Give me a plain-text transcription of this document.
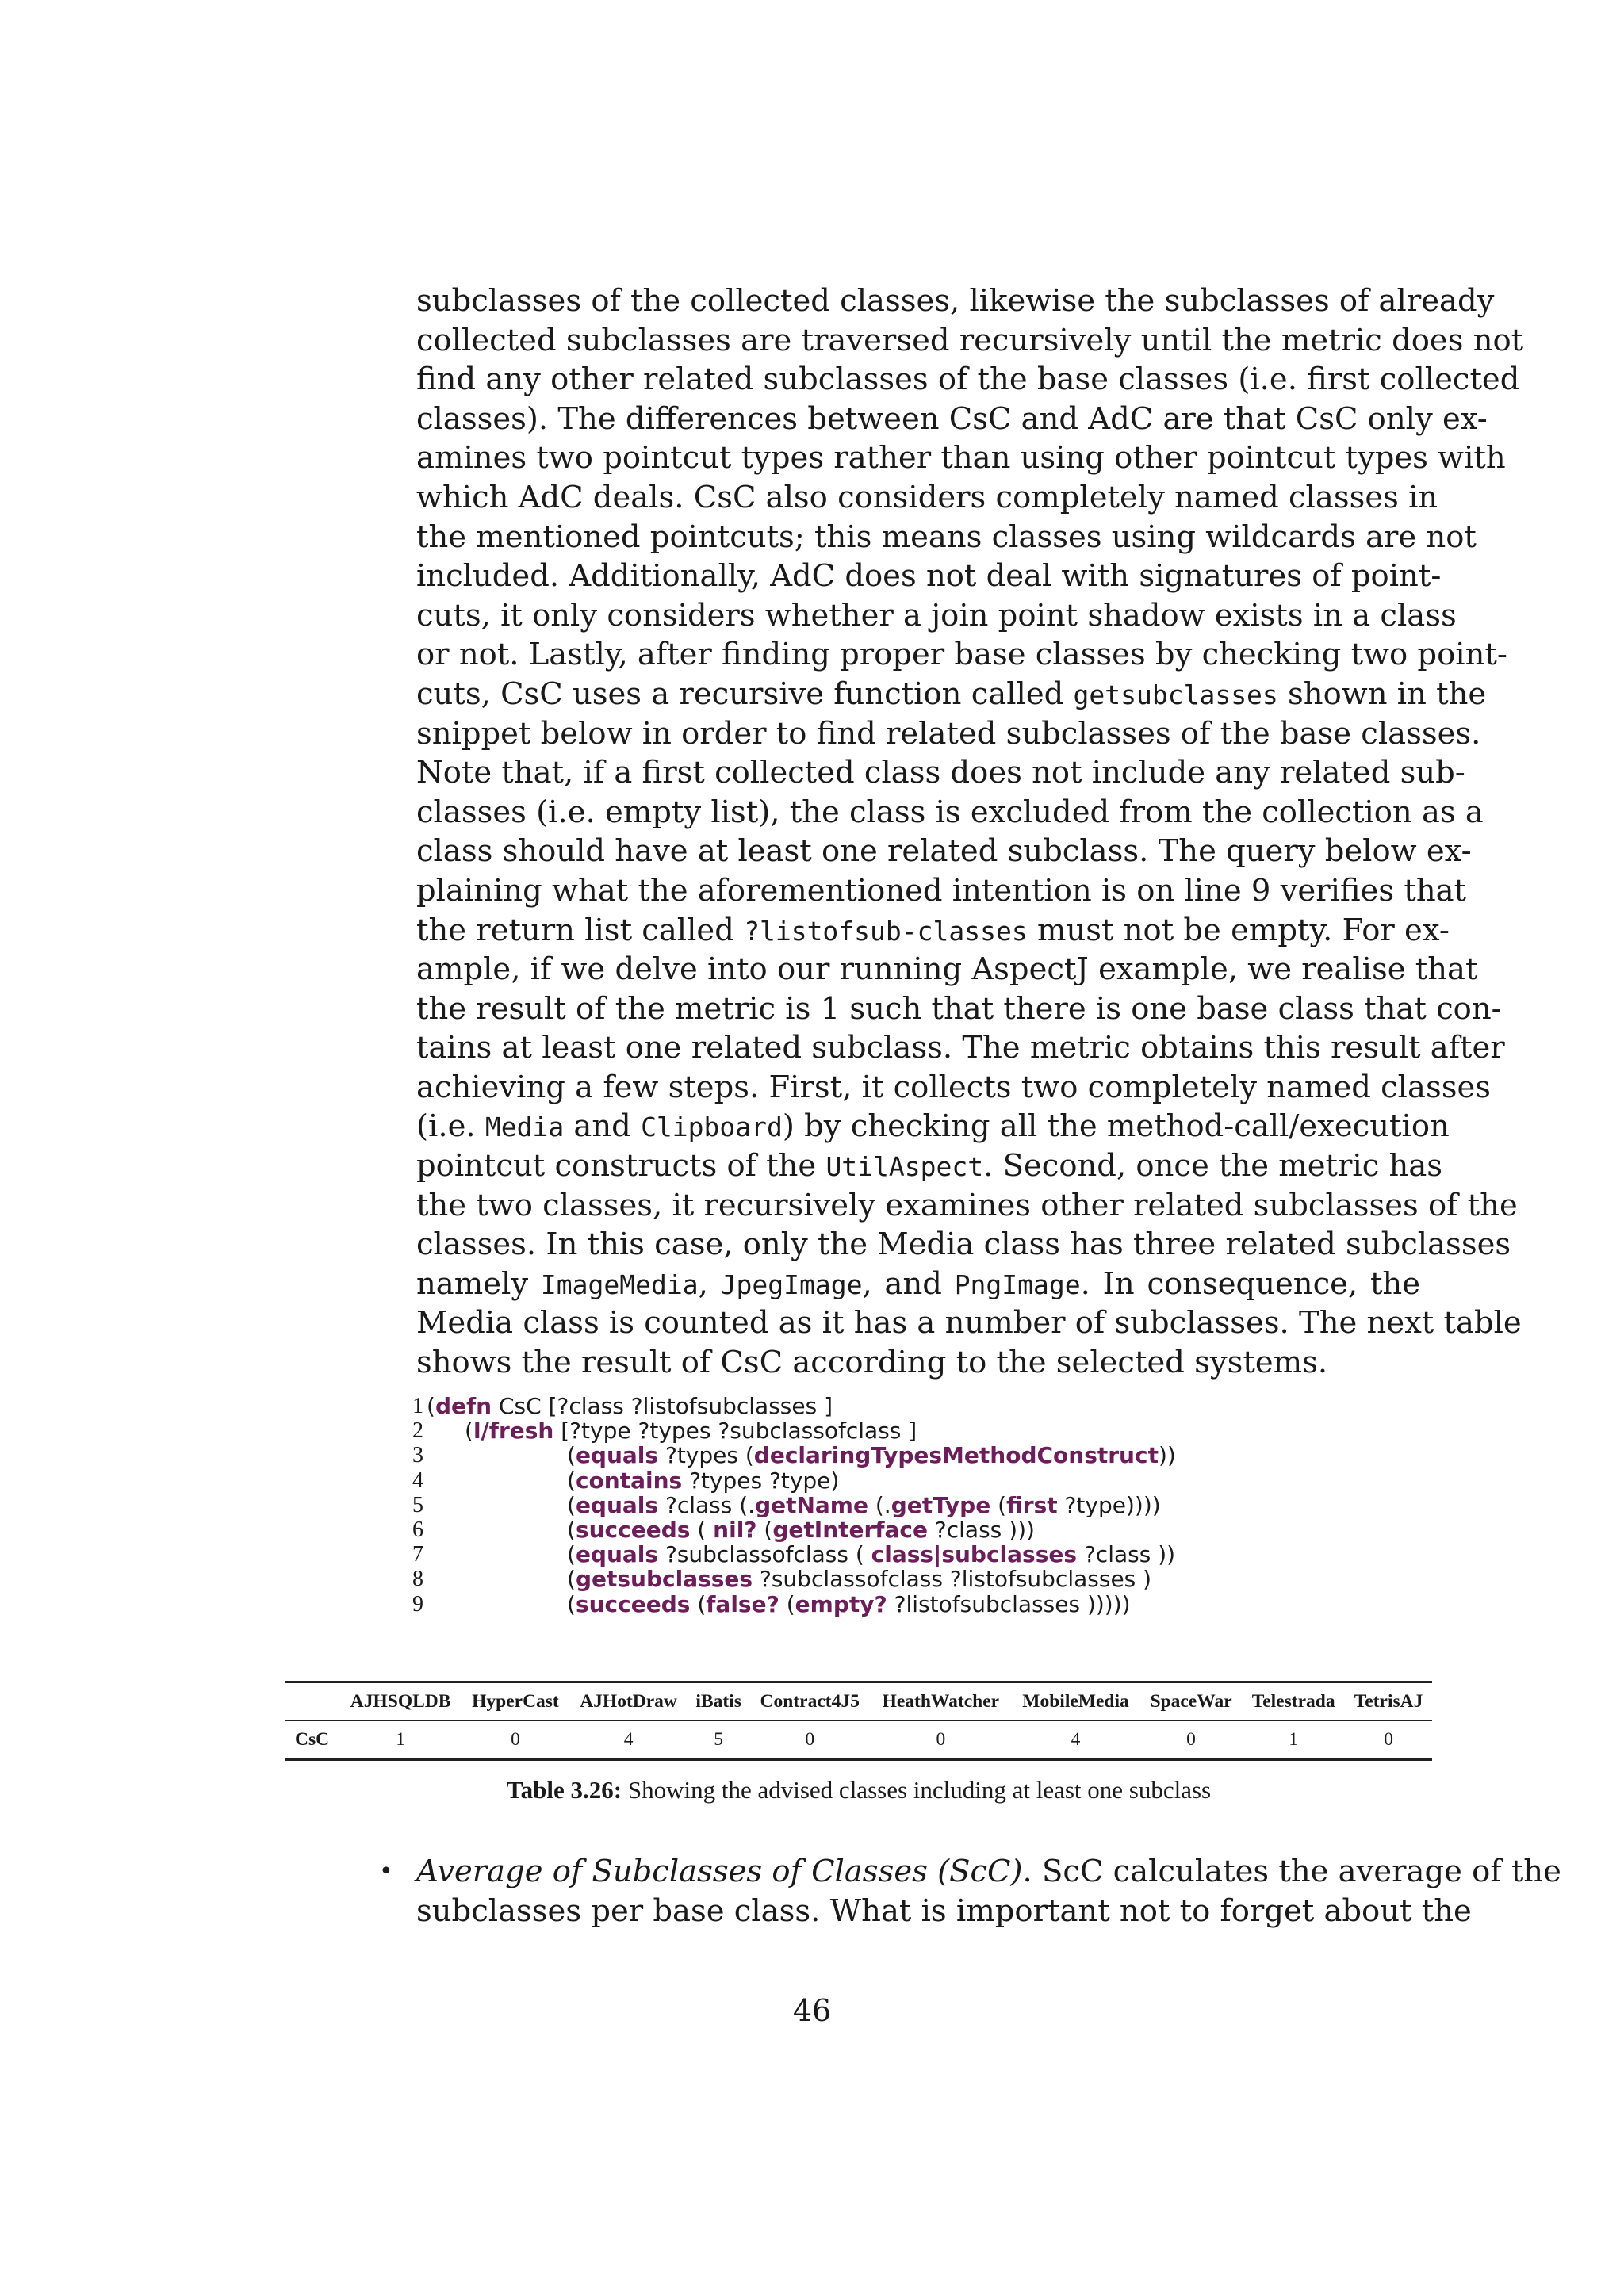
subclasses of the collected classes, likewise the subclasses of already
collected subclasses are traversed recursively until the metric does not
find any other related subclasses of the base classes (i.e. first collected
classes). The differences between CsC and AdC are that CsC only ex-
amines two pointcut types rather than using other pointcut types with
which AdC deals. CsC also considers completely named classes in
the mentioned pointcuts; this means classes using wildcards are not
included. Additionally, AdC does not deal with signatures of point-
cuts, it only considers whether a join point shadow exists in a class
or not. Lastly, after finding proper base classes by checking two point-
cuts, CsC uses a recursive function called getsubclasses shown in the
snippet below in order to find related subclasses of the base classes.
Note that, if a first collected class does not include any related sub-
classes (i.e. empty list), the class is excluded from the collection as a
class should have at least one related subclass. The query below ex-
plaining what the aforementioned intention is on line 9 verifies that
the return list called ?listofsub-classes must not be empty. For ex-
ample, if we delve into our running AspectJ example, we realise that
the result of the metric is 1 such that there is one base class that con-
tains at least one related subclass. The metric obtains this result after
achieving a few steps. First, it collects two completely named classes
(i.e. Media and Clipboard) by checking all the method-call/execution
pointcut constructs of the UtilAspect. Second, once the metric has
the two classes, it recursively examines other related subclasses of the
classes. In this case, only the Media class has three related subclasses
namely ImageMedia, JpegImage, and PngImage. In consequence, the
Media class is counted as it has a number of subclasses. The next table
shows the result of CsC according to the selected systems.
1 (defn CsC [?class ?listofsubclasses ]
2	(l/fresh [?type ?types ?subclassofclass ]
3	(equals ?types (declaringTypesMethodConstruct))
4	(contains ?types ?type)
5	(equals ?class (.getName (.getType (first ?type))))
6	(succeeds ( nil? (getInterface ?class )))
7	(equals ?subclassofclass ( class|subclasses ?class ))
8	(getsubclasses ?subclassofclass ?listofsubclasses )
9	(succeeds (false? (empty? ?listofsubclasses )))))
	AJHSQLDB	HyperCast	AJHotDraw	iBatis	Contract4J5	HeathWatcher	MobileMedia	SpaceWar	Telestrada	TetrisAJ
CsC	1	0	4	5	0	0	4	0	1	0
Table 3.26: Showing the advised classes including at least one subclass
• Average of Subclasses of Classes (ScC). ScC calculates the average of the
subclasses per base class. What is important not to forget about the
46
